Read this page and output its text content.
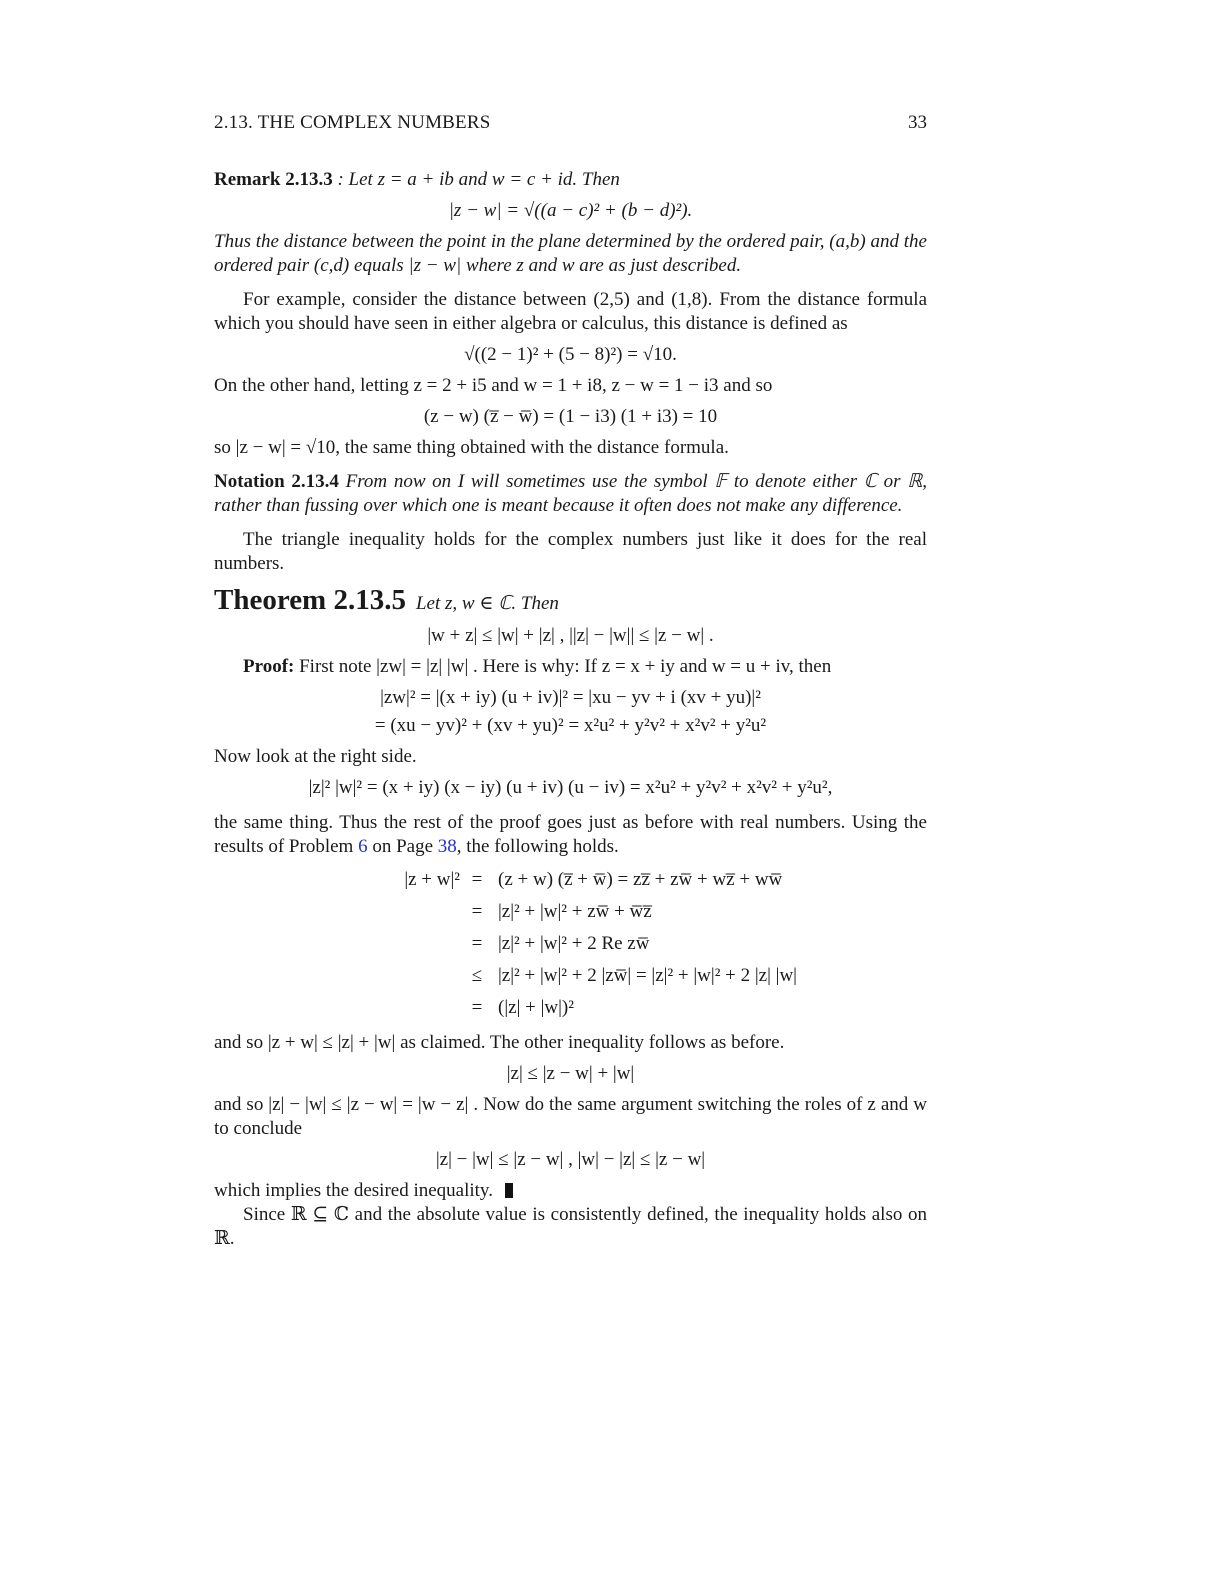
2.13. THE COMPLEX NUMBERS	33

Remark 2.13.3 : Let z = a + ib and w = c + id. Then

|z − w| = √((a − c)² + (b − d)²).

Thus the distance between the point in the plane determined by the ordered pair, (a,b) and the ordered pair (c,d) equals |z − w| where z and w are as just described.

For example, consider the distance between (2,5) and (1,8). From the distance formula which you should have seen in either algebra or calculus, this distance is defined as

√((2 − 1)² + (5 − 8)²) = √10.

On the other hand, letting z = 2 + i5 and w = 1 + i8, z − w = 1 − i3 and so

(z − w) (z̅ − w̅) = (1 − i3) (1 + i3) = 10

so |z − w| = √10, the same thing obtained with the distance formula.

Notation 2.13.4 From now on I will sometimes use the symbol 𝔽 to denote either ℂ or ℝ, rather than fussing over which one is meant because it often does not make any difference.

The triangle inequality holds for the complex numbers just like it does for the real numbers.

Theorem 2.13.5 Let z, w ∈ ℂ. Then
|w + z| ≤ |w| + |z| , ||z| − |w|| ≤ |z − w| .

Proof: First note |zw| = |z| |w| . Here is why: If z = x + iy and w = u + iv, then

|zw|² = |(x + iy) (u + iv)|² = |xu − yv + i (xv + yu)|²
= (xu − yv)² + (xv + yu)² = x²u² + y²v² + x²v² + y²u²

Now look at the right side.

|z|² |w|² = (x + iy) (x − iy) (u + iv) (u − iv) = x²u² + y²v² + x²v² + y²u²,

the same thing. Thus the rest of the proof goes just as before with real numbers. Using the results of Problem 6 on Page 38, the following holds.

|z + w|² = (z + w) (z̅ + w̅) = zz̅ + zw̅ + wz̅ + ww̅
= |z|² + |w|² + zw̅ + w̅z̅
= |z|² + |w|² + 2 Re zw̅
≤ |z|² + |w|² + 2 |zw̅| = |z|² + |w|² + 2 |z| |w|
= (|z| + |w|)²

and so |z + w| ≤ |z| + |w| as claimed. The other inequality follows as before.

|z| ≤ |z − w| + |w|

and so |z| − |w| ≤ |z − w| = |w − z| . Now do the same argument switching the roles of z and w to conclude

|z| − |w| ≤ |z − w| , |w| − |z| ≤ |z − w|

which implies the desired inequality.

Since ℝ ⊆ ℂ and the absolute value is consistently defined, the inequality holds also on ℝ.
